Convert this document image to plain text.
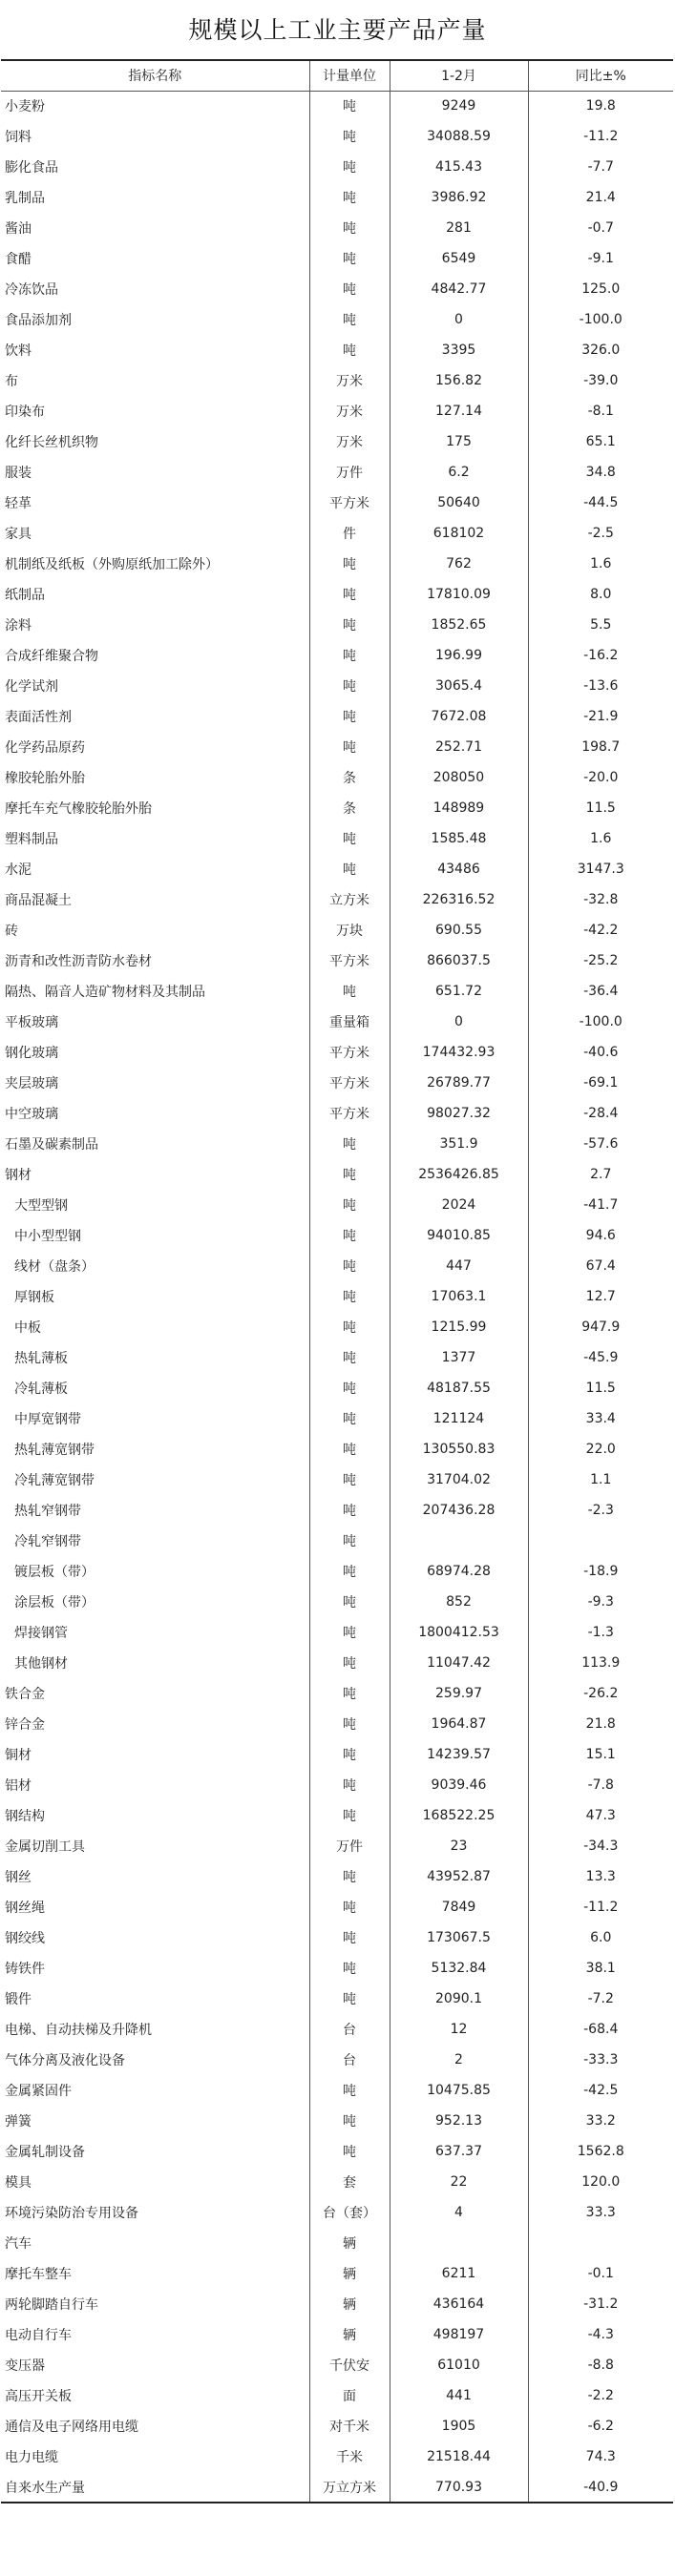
规模以上工业主要产品产量
指标名称	计量单位	1-2月	同比±%
小麦粉	吨	9249	19.8
饲料	吨	34088.59	-11.2
膨化食品	吨	415.43	-7.7
乳制品	吨	3986.92	21.4
酱油	吨	281	-0.7
食醋	吨	6549	-9.1
冷冻饮品	吨	4842.77	125.0
食品添加剂	吨	0	-100.0
饮料	吨	3395	326.0
布	万米	156.82	-39.0
印染布	万米	127.14	-8.1
化纤长丝机织物	万米	175	65.1
服装	万件	6.2	34.8
轻革	平方米	50640	-44.5
家具	件	618102	-2.5
机制纸及纸板（外购原纸加工除外）	吨	762	1.6
纸制品	吨	17810.09	8.0
涂料	吨	1852.65	5.5
合成纤维聚合物	吨	196.99	-16.2
化学试剂	吨	3065.4	-13.6
表面活性剂	吨	7672.08	-21.9
化学药品原药	吨	252.71	198.7
橡胶轮胎外胎	条	208050	-20.0
摩托车充气橡胶轮胎外胎	条	148989	11.5
塑料制品	吨	1585.48	1.6
水泥	吨	43486	3147.3
商品混凝土	立方米	226316.52	-32.8
砖	万块	690.55	-42.2
沥青和改性沥青防水卷材	平方米	866037.5	-25.2
隔热、隔音人造矿物材料及其制品	吨	651.72	-36.4
平板玻璃	重量箱	0	-100.0
钢化玻璃	平方米	174432.93	-40.6
夹层玻璃	平方米	26789.77	-69.1
中空玻璃	平方米	98027.32	-28.4
石墨及碳素制品	吨	351.9	-57.6
钢材	吨	2536426.85	2.7
大型型钢	吨	2024	-41.7
中小型型钢	吨	94010.85	94.6
线材（盘条）	吨	447	67.4
厚钢板	吨	17063.1	12.7
中板	吨	1215.99	947.9
热轧薄板	吨	1377	-45.9
冷轧薄板	吨	48187.55	11.5
中厚宽钢带	吨	121124	33.4
热轧薄宽钢带	吨	130550.83	22.0
冷轧薄宽钢带	吨	31704.02	1.1
热轧窄钢带	吨	207436.28	-2.3
冷轧窄钢带	吨		
镀层板（带）	吨	68974.28	-18.9
涂层板（带）	吨	852	-9.3
焊接钢管	吨	1800412.53	-1.3
其他钢材	吨	11047.42	113.9
铁合金	吨	259.97	-26.2
锌合金	吨	1964.87	21.8
铜材	吨	14239.57	15.1
铝材	吨	9039.46	-7.8
钢结构	吨	168522.25	47.3
金属切削工具	万件	23	-34.3
钢丝	吨	43952.87	13.3
钢丝绳	吨	7849	-11.2
钢绞线	吨	173067.5	6.0
铸铁件	吨	5132.84	38.1
锻件	吨	2090.1	-7.2
电梯、自动扶梯及升降机	台	12	-68.4
气体分离及液化设备	台	2	-33.3
金属紧固件	吨	10475.85	-42.5
弹簧	吨	952.13	33.2
金属轧制设备	吨	637.37	1562.8
模具	套	22	120.0
环境污染防治专用设备	台（套）	4	33.3
汽车	辆		
摩托车整车	辆	6211	-0.1
两轮脚踏自行车	辆	436164	-31.2
电动自行车	辆	498197	-4.3
变压器	千伏安	61010	-8.8
高压开关板	面	441	-2.2
通信及电子网络用电缆	对千米	1905	-6.2
电力电缆	千米	21518.44	74.3
自来水生产量	万立方米	770.93	-40.9
